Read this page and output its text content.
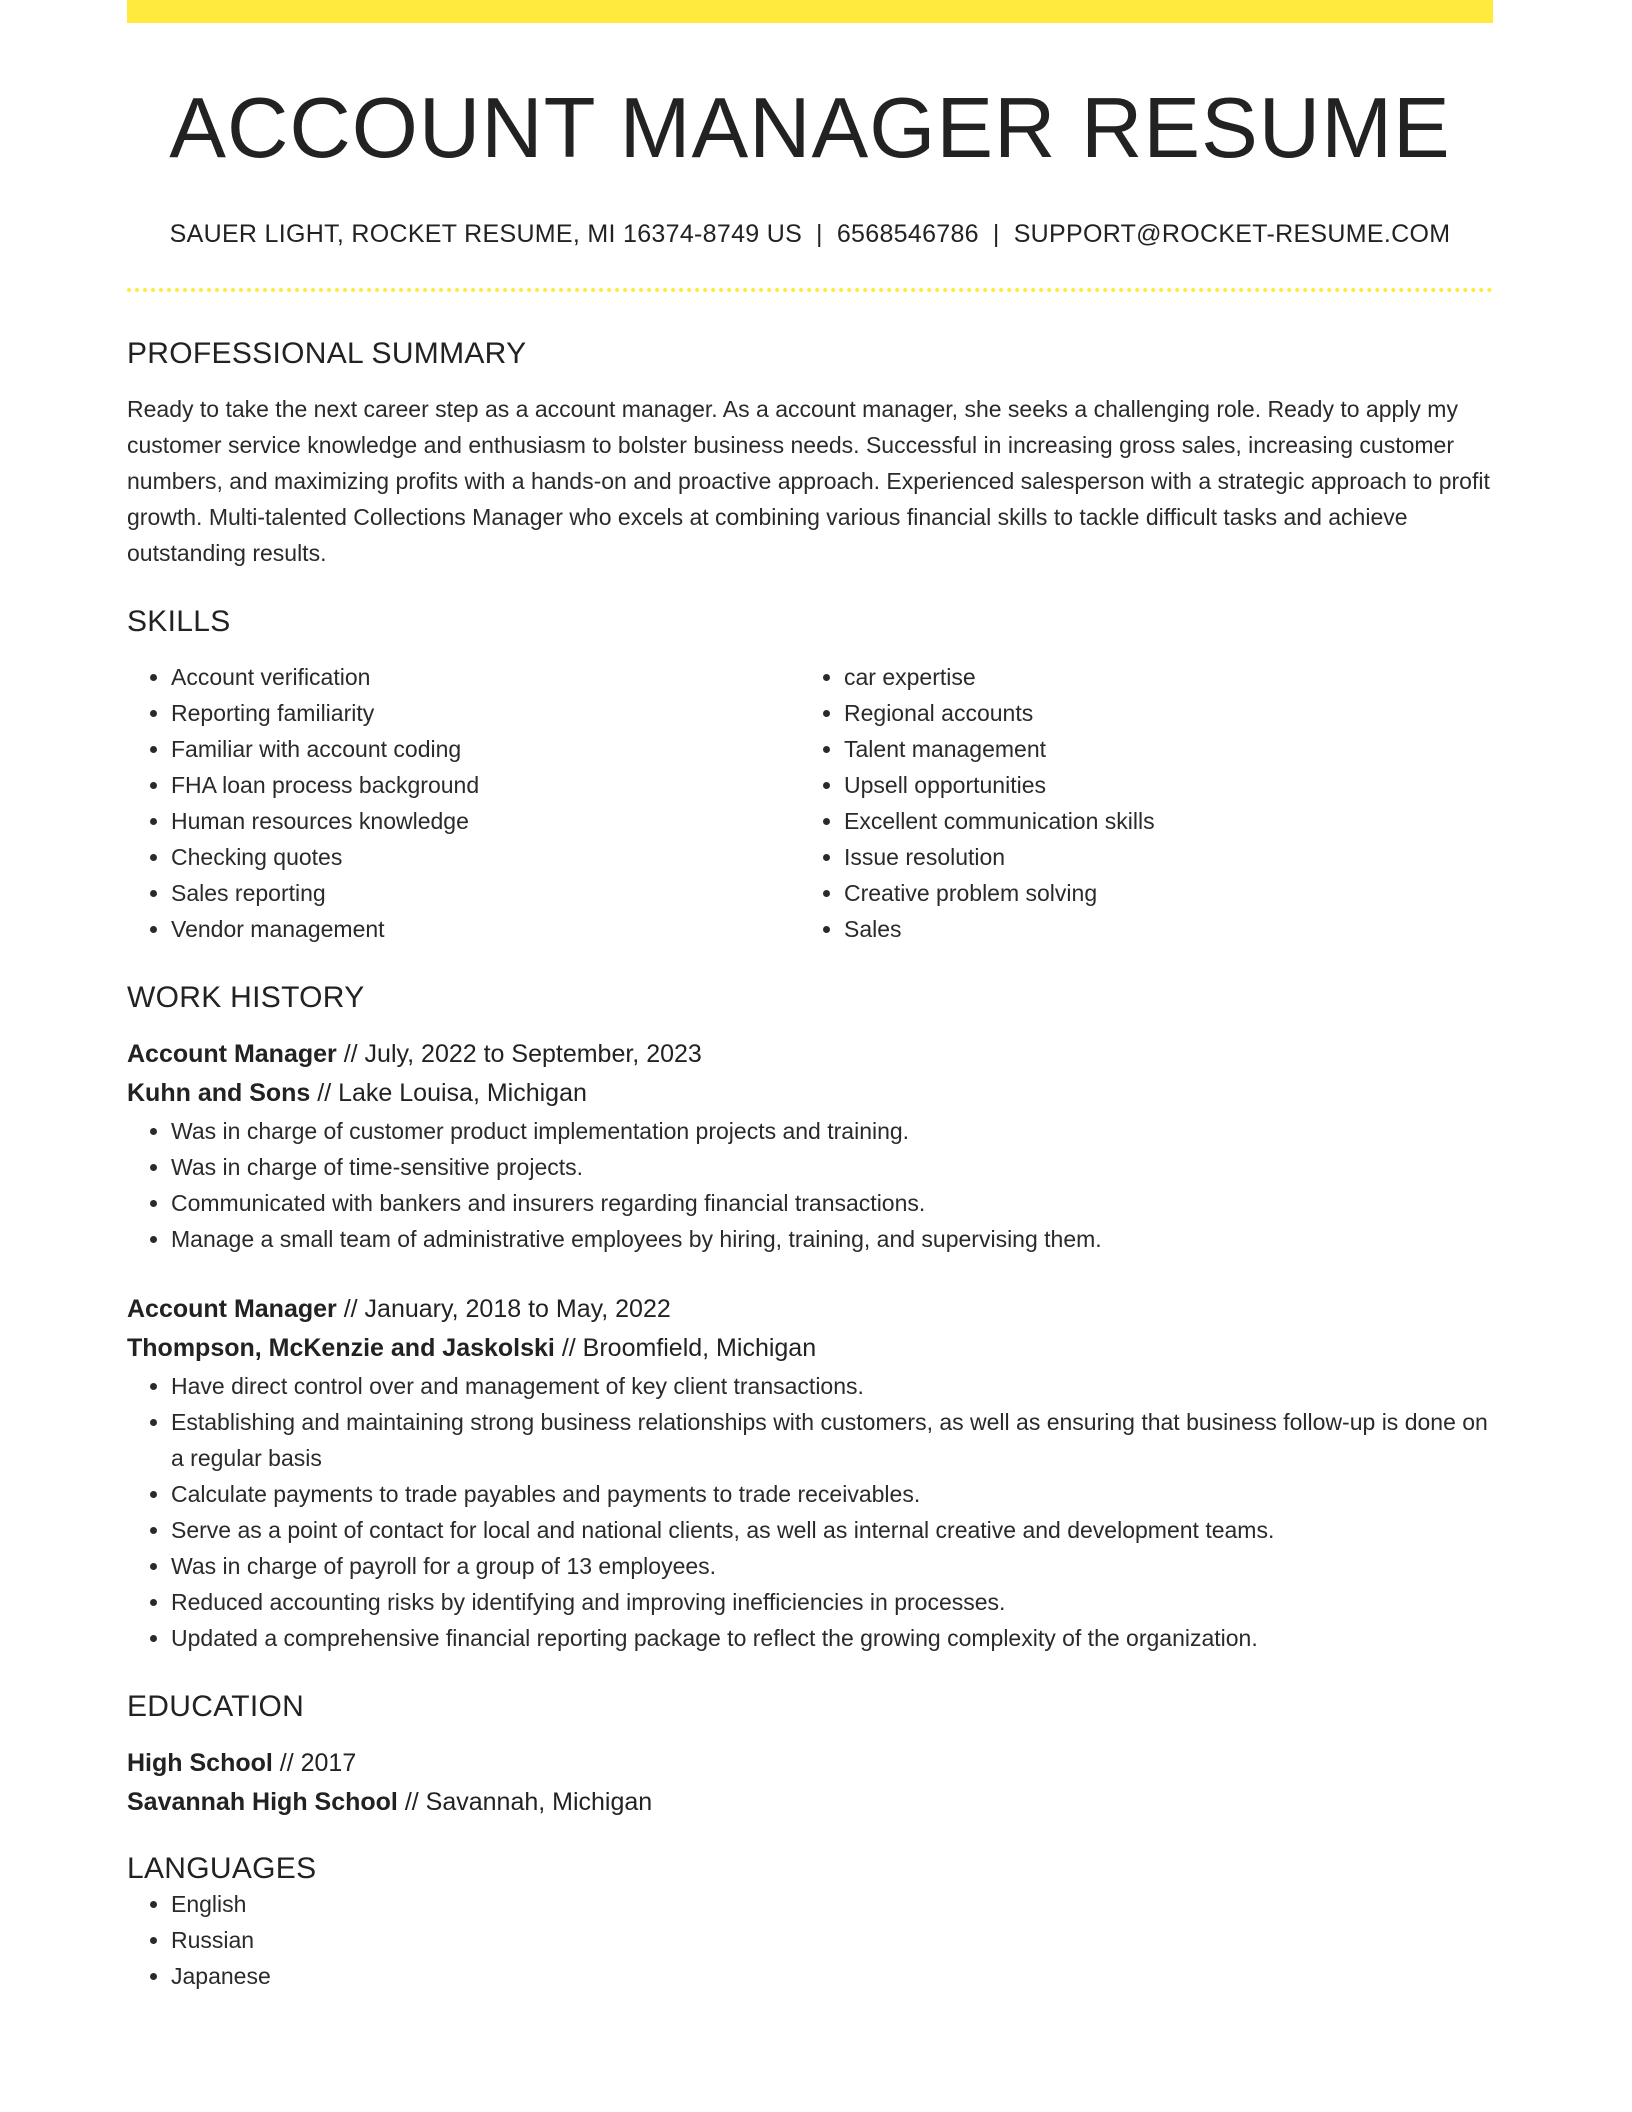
ACCOUNT MANAGER RESUME
SAUER LIGHT, ROCKET RESUME, MI 16374-8749 US | 6568546786 | SUPPORT@ROCKET-RESUME.COM
PROFESSIONAL SUMMARY

Ready to take the next career step as a account manager. As a account manager, she seeks a challenging role. Ready to apply my customer service knowledge and enthusiasm to bolster business needs. Successful in increasing gross sales, increasing customer numbers, and maximizing profits with a hands-on and proactive approach. Experienced salesperson with a strategic approach to profit growth. Multi-talented Collections Manager who excels at combining various financial skills to tackle difficult tasks and achieve outstanding results.

SKILLS
• Account verification
• Reporting familiarity
• Familiar with account coding
• FHA loan process background
• Human resources knowledge
• Checking quotes
• Sales reporting
• Vendor management
• car expertise
• Regional accounts
• Talent management
• Upsell opportunities
• Excellent communication skills
• Issue resolution
• Creative problem solving
• Sales
WORK HISTORY
Account Manager // July, 2022 to September, 2023
Kuhn and Sons // Lake Louisa, Michigan
• Was in charge of customer product implementation projects and training.
• Was in charge of time-sensitive projects.
• Communicated with bankers and insurers regarding financial transactions.
• Manage a small team of administrative employees by hiring, training, and supervising them.
Account Manager // January, 2018 to May, 2022
Thompson, McKenzie and Jaskolski // Broomfield, Michigan
• Have direct control over and management of key client transactions.
• Establishing and maintaining strong business relationships with customers, as well as ensuring that business follow-up is done on a regular basis
• Calculate payments to trade payables and payments to trade receivables.
• Serve as a point of contact for local and national clients, as well as internal creative and development teams.
• Was in charge of payroll for a group of 13 employees.
• Reduced accounting risks by identifying and improving inefficiencies in processes.
• Updated a comprehensive financial reporting package to reflect the growing complexity of the organization.
EDUCATION
High School // 2017
Savannah High School // Savannah, Michigan
LANGUAGES
• English
• Russian
• Japanese
